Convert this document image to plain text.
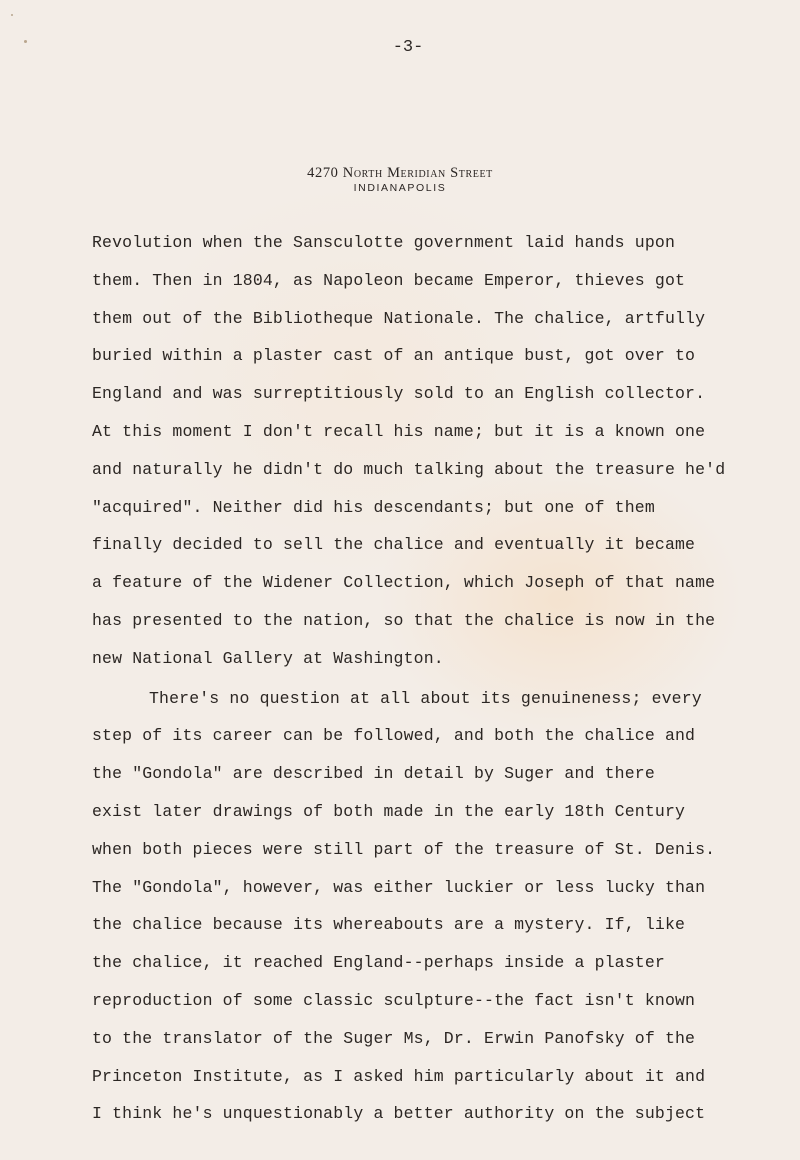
-3-
4270 North Meridian Street
INDIANAPOLIS
Revolution when the Sansculotte government laid hands upon
them. Then in 1804, as Napoleon became Emperor, thieves got
them out of the Bibliotheque Nationale. The chalice, artfully
buried within a plaster cast of an antique bust, got over to
England and was surreptitiously sold to an English collector.
At this moment I don't recall his name; but it is a known one
and naturally he didn't do much talking about the treasure he'd
"acquired". Neither did his descendants; but one of them
finally decided to sell the chalice and eventually it became
a feature of the Widener Collection, which Joseph of that name
has presented to the nation, so that the chalice is now in the
new National Gallery at Washington.
There's no question at all about its genuineness; every
step of its career can be followed, and both the chalice and
the "Gondola" are described in detail by Suger and there
exist later drawings of both made in the early 18th Century
when both pieces were still part of the treasure of St. Denis.
The "Gondola", however, was either luckier or less lucky than
the chalice because its whereabouts are a mystery. If, like
the chalice, it reached England--perhaps inside a plaster
reproduction of some classic sculpture--the fact isn't known
to the translator of the Suger Ms, Dr. Erwin Panofsky of the
Princeton Institute, as I asked him particularly about it and
I think he's unquestionably a better authority on the subject
